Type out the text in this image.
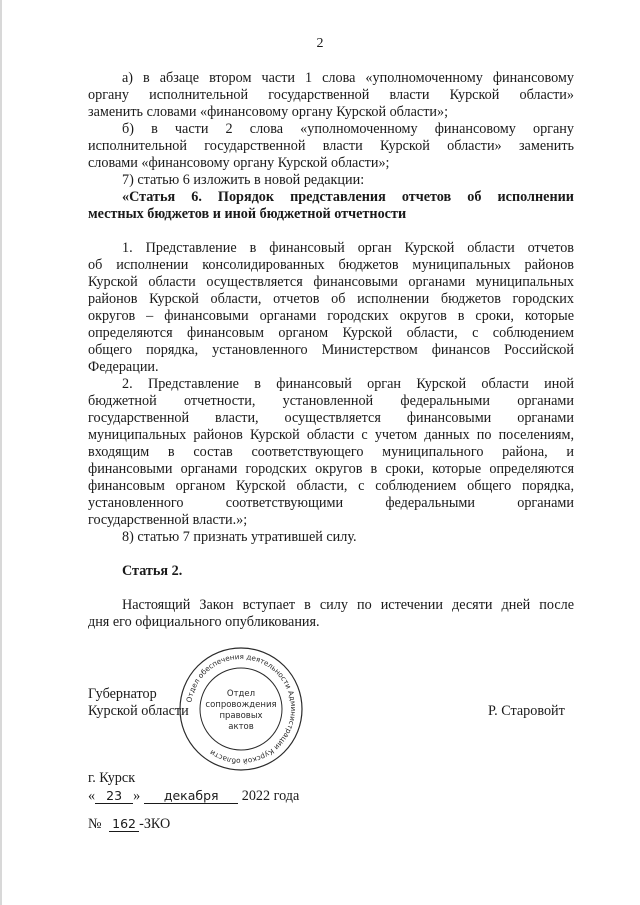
2
а) в абзаце втором части 1 слова «уполномоченному финансовому
органу исполнительной государственной власти Курской области»
заменить словами «финансовому органу Курской области»;
б) в части 2 слова «уполномоченному финансовому органу
исполнительной государственной власти Курской области» заменить
словами «финансовому органу Курской области»;
7) статью 6 изложить в новой редакции:
«Статья 6. Порядок представления отчетов об исполнении
местных бюджетов и иной бюджетной отчетности
1. Представление в финансовый орган Курской области отчетов
об исполнении консолидированных бюджетов муниципальных районов
Курской области осуществляется финансовыми органами муниципальных
районов Курской области, отчетов об исполнении бюджетов городских
округов – финансовыми органами городских округов в сроки, которые
определяются финансовым органом Курской области, с соблюдением
общего порядка, установленного Министерством финансов Российской
Федерации.
2. Представление в финансовый орган Курской области иной
бюджетной отчетности, установленной федеральными органами
государственной власти, осуществляется финансовыми органами
муниципальных районов Курской области с учетом данных по поселениям,
входящим в состав соответствующего муниципального района, и
финансовыми органами городских округов в сроки, которые определяются
финансовым органом Курской области, с соблюдением общего порядка,
установленного соответствующими федеральными органами
государственной власти.»;
8) статью 7 признать утратившей силу.
Статья 2.
Настоящий Закон вступает в силу по истечении десяти дней после
дня его официального опубликования.
Губернатор
Курской области	Р. Старовойт
Отдел обеспечения деятельности Администрации Курской области
Отдел
сопровождения
правовых
актов
г. Курск
« 23 » декабря 2022 года
№ 162 -ЗКО
